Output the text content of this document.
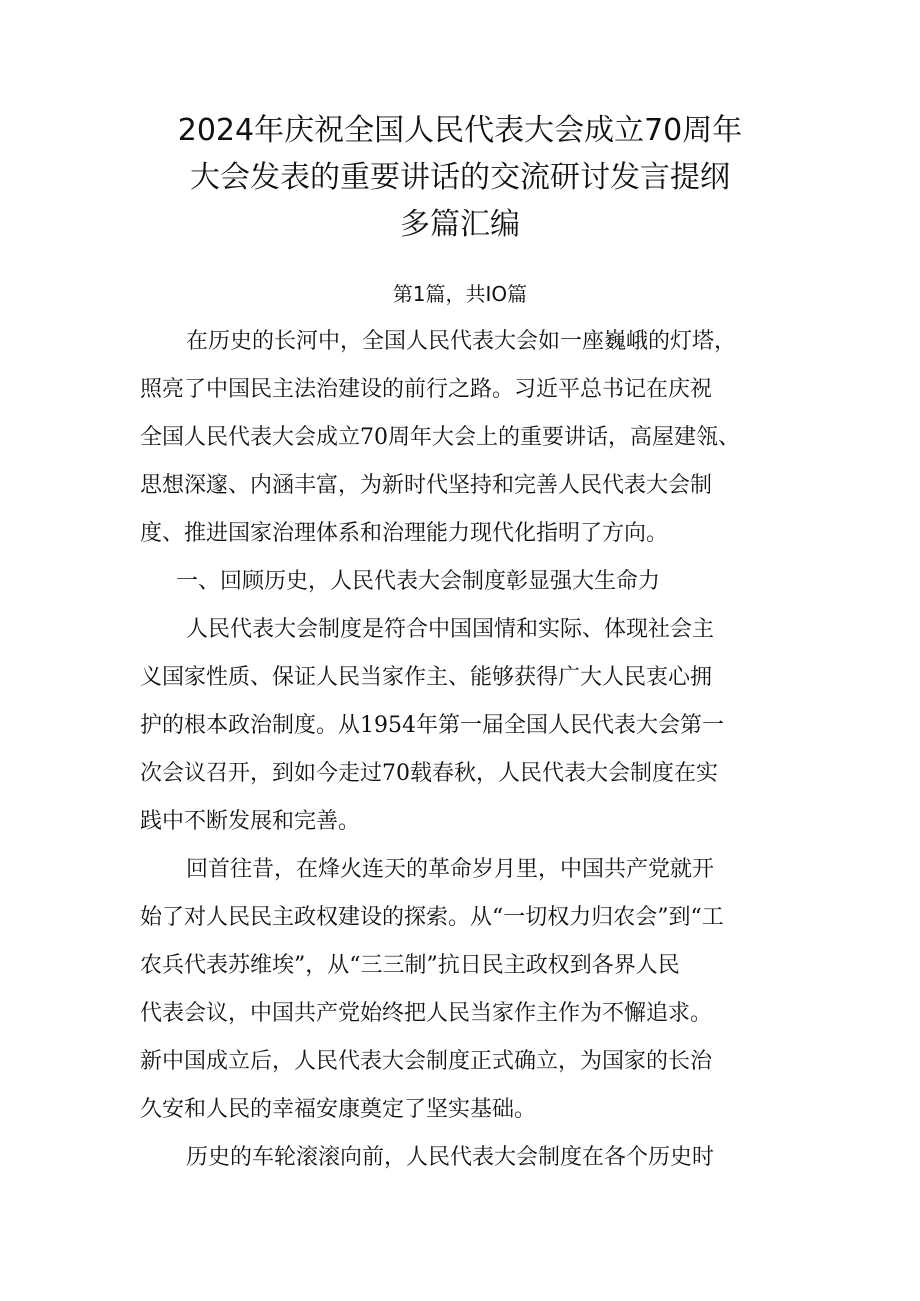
2024年庆祝全国人民代表大会成立70周年
大会发表的重要讲话的交流研讨发言提纲
多篇汇编
第1篇，共IO篇
在历史的长河中，全国人民代表大会如一座巍峨的灯塔，
照亮了中国民主法治建设的前行之路。习近平总书记在庆祝
全国人民代表大会成立70周年大会上的重要讲话，高屋建瓴、
思想深邃、内涵丰富，为新时代坚持和完善人民代表大会制
度、推进国家治理体系和治理能力现代化指明了方向。
一、回顾历史，人民代表大会制度彰显强大生命力
人民代表大会制度是符合中国国情和实际、体现社会主
义国家性质、保证人民当家作主、能够获得广大人民衷心拥
护的根本政治制度。从1954年第一届全国人民代表大会第一
次会议召开，到如今走过70载春秋，人民代表大会制度在实
践中不断发展和完善。
回首往昔，在烽火连天的革命岁月里，中国共产党就开
始了对人民民主政权建设的探索。从“一切权力归农会”到“工
农兵代表苏维埃”，从“三三制”抗日民主政权到各界人民
代表会议，中国共产党始终把人民当家作主作为不懈追求。
新中国成立后，人民代表大会制度正式确立，为国家的长治
久安和人民的幸福安康奠定了坚实基础。
历史的车轮滚滚向前，人民代表大会制度在各个历史时
